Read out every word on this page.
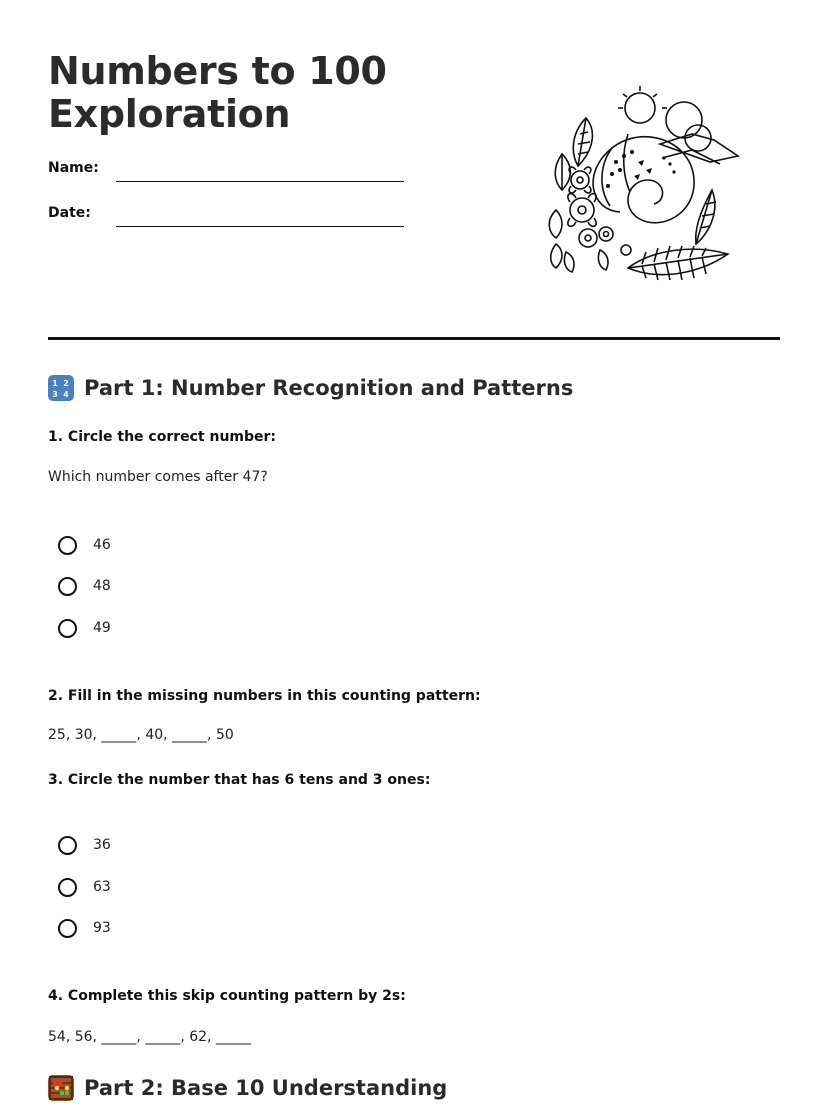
Numbers to 100
Exploration
Name:
Date:
1 2
3 4 Part 1: Number Recognition and Patterns

1. Circle the correct number:

Which number comes after 47?

46
48
49

2. Fill in the missing numbers in this counting pattern:

25, 30, _____, 40, _____, 50

3. Circle the number that has 6 tens and 3 ones:

36
63
93

4. Complete this skip counting pattern by 2s:

54, 56, _____, _____, 62, _____

Part 2: Base 10 Understanding
